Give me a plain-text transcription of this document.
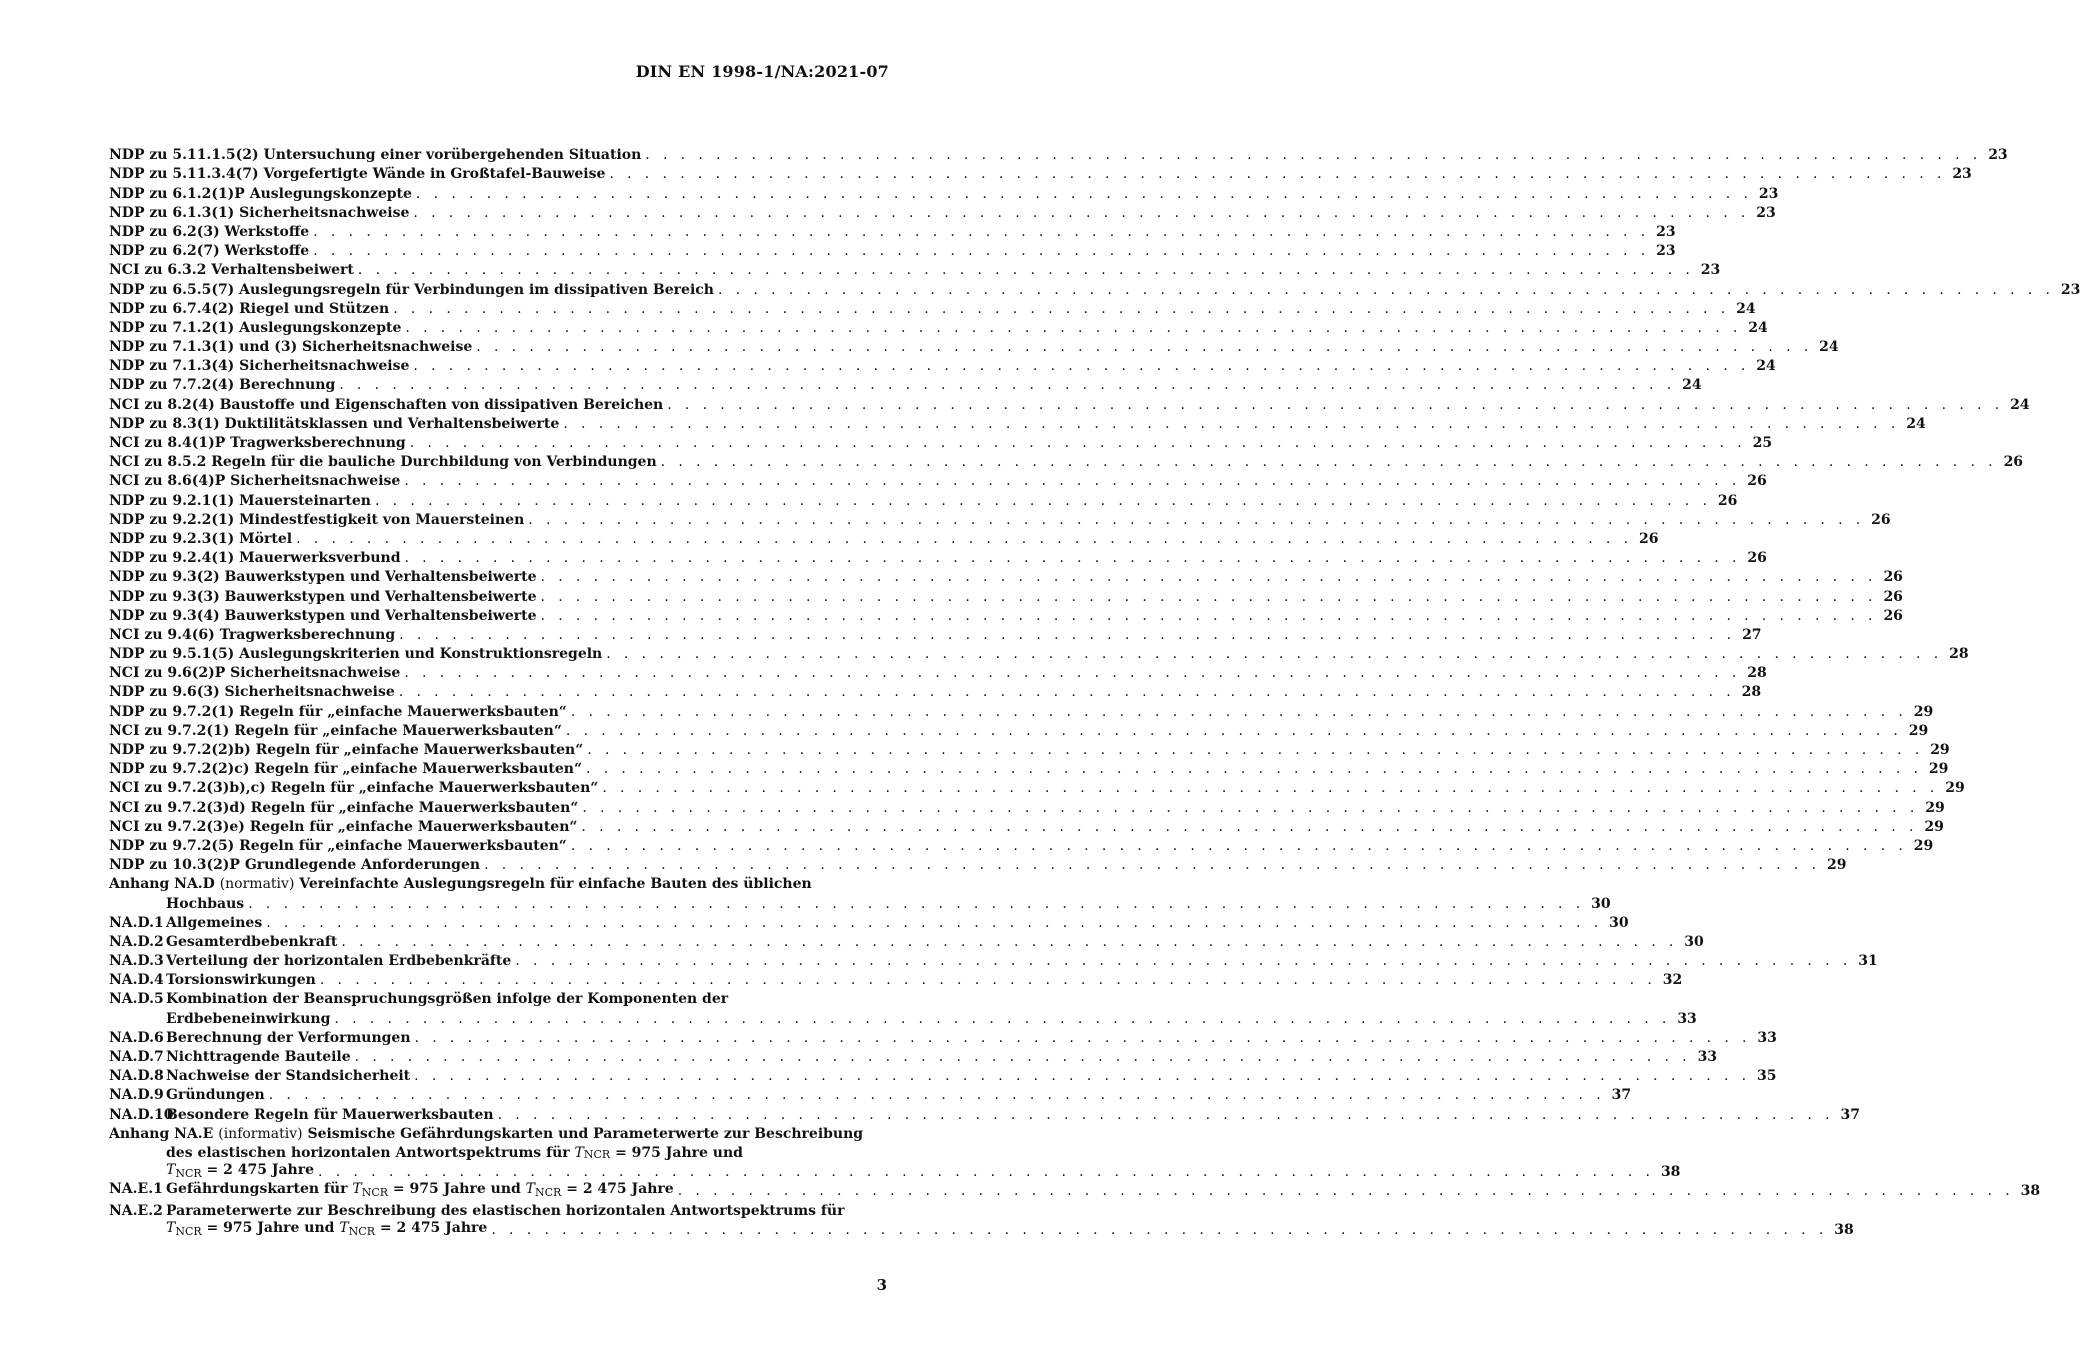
DIN EN 1998-1/NA:2021-07
NDP zu 5.11.1.5(2) Untersuchung einer vorübergehenden Situation . . . . . . . . . . . . . . . . . . . . . . . . . . . . . . . . . . . . . . . . . . . . . . . . . . . . . . . . . . . . . . . . . . . . . . . . . . . . 23
NDP zu 5.11.3.4(7) Vorgefertigte Wände in Großtafel-Bauweise . . . . . . . . . . . . . . . . . . . . . . . . . . . . . . . . . . . . . . . . . . . . . . . . . . . . . . . . . . . . . . . . . . . . . . . . . . . . 23
NDP zu 6.1.2(1)P Auslegungskonzepte . . . . . . . . . . . . . . . . . . . . . . . . . . . . . . . . . . . . . . . . . . . . . . . . . . . . . . . . . . . . . . . . . . . . . . . . . . . . 23
NDP zu 6.1.3(1) Sicherheitsnachweise . . . . . . . . . . . . . . . . . . . . . . . . . . . . . . . . . . . . . . . . . . . . . . . . . . . . . . . . . . . . . . . . . . . . . . . . . . . . 23
NDP zu 6.2(3) Werkstoffe . . . . . . . . . . . . . . . . . . . . . . . . . . . . . . . . . . . . . . . . . . . . . . . . . . . . . . . . . . . . . . . . . . . . . . . . . . . . 23
NDP zu 6.2(7) Werkstoffe . . . . . . . . . . . . . . . . . . . . . . . . . . . . . . . . . . . . . . . . . . . . . . . . . . . . . . . . . . . . . . . . . . . . . . . . . . . . 23
NCI zu 6.3.2 Verhaltensbeiwert . . . . . . . . . . . . . . . . . . . . . . . . . . . . . . . . . . . . . . . . . . . . . . . . . . . . . . . . . . . . . . . . . . . . . . . . . . . . 23
NDP zu 6.5.5(7) Auslegungsregeln für Verbindungen im dissipativen Bereich . . . . . . . . . . . . . . . . . . . . . . . . . . . . . . . . . . . . . . . . . . . . . . . . . . . . . . . . . . . . . . . . . . . . . . . . . . . . 23
NDP zu 6.7.4(2) Riegel und Stützen . . . . . . . . . . . . . . . . . . . . . . . . . . . . . . . . . . . . . . . . . . . . . . . . . . . . . . . . . . . . . . . . . . . . . . . . . . . . 24
NDP zu 7.1.2(1) Auslegungskonzepte . . . . . . . . . . . . . . . . . . . . . . . . . . . . . . . . . . . . . . . . . . . . . . . . . . . . . . . . . . . . . . . . . . . . . . . . . . . . 24
NDP zu 7.1.3(1) und (3) Sicherheitsnachweise . . . . . . . . . . . . . . . . . . . . . . . . . . . . . . . . . . . . . . . . . . . . . . . . . . . . . . . . . . . . . . . . . . . . . . . . . . . . 24
NDP zu 7.1.3(4) Sicherheitsnachweise . . . . . . . . . . . . . . . . . . . . . . . . . . . . . . . . . . . . . . . . . . . . . . . . . . . . . . . . . . . . . . . . . . . . . . . . . . . . 24
NDP zu 7.7.2(4) Berechnung . . . . . . . . . . . . . . . . . . . . . . . . . . . . . . . . . . . . . . . . . . . . . . . . . . . . . . . . . . . . . . . . . . . . . . . . . . . . 24
NCI zu 8.2(4) Baustoffe und Eigenschaften von dissipativen Bereichen . . . . . . . . . . . . . . . . . . . . . . . . . . . . . . . . . . . . . . . . . . . . . . . . . . . . . . . . . . . . . . . . . . . . . . . . . . . . 24
NDP zu 8.3(1) Duktilitätsklassen und Verhaltensbeiwerte . . . . . . . . . . . . . . . . . . . . . . . . . . . . . . . . . . . . . . . . . . . . . . . . . . . . . . . . . . . . . . . . . . . . . . . . . . . . 24
NCI zu 8.4(1)P Tragwerksberechnung . . . . . . . . . . . . . . . . . . . . . . . . . . . . . . . . . . . . . . . . . . . . . . . . . . . . . . . . . . . . . . . . . . . . . . . . . . . . 25
NCI zu 8.5.2 Regeln für die bauliche Durchbildung von Verbindungen . . . . . . . . . . . . . . . . . . . . . . . . . . . . . . . . . . . . . . . . . . . . . . . . . . . . . . . . . . . . . . . . . . . . . . . . . . . . 26
NCI zu 8.6(4)P Sicherheitsnachweise . . . . . . . . . . . . . . . . . . . . . . . . . . . . . . . . . . . . . . . . . . . . . . . . . . . . . . . . . . . . . . . . . . . . . . . . . . . . 26
NDP zu 9.2.1(1) Mauersteinarten . . . . . . . . . . . . . . . . . . . . . . . . . . . . . . . . . . . . . . . . . . . . . . . . . . . . . . . . . . . . . . . . . . . . . . . . . . . . 26
NDP zu 9.2.2(1) Mindestfestigkeit von Mauersteinen . . . . . . . . . . . . . . . . . . . . . . . . . . . . . . . . . . . . . . . . . . . . . . . . . . . . . . . . . . . . . . . . . . . . . . . . . . . . 26
NDP zu 9.2.3(1) Mörtel . . . . . . . . . . . . . . . . . . . . . . . . . . . . . . . . . . . . . . . . . . . . . . . . . . . . . . . . . . . . . . . . . . . . . . . . . . . . 26
NDP zu 9.2.4(1) Mauerwerksverbund . . . . . . . . . . . . . . . . . . . . . . . . . . . . . . . . . . . . . . . . . . . . . . . . . . . . . . . . . . . . . . . . . . . . . . . . . . . . 26
NDP zu 9.3(2) Bauwerkstypen und Verhaltensbeiwerte . . . . . . . . . . . . . . . . . . . . . . . . . . . . . . . . . . . . . . . . . . . . . . . . . . . . . . . . . . . . . . . . . . . . . . . . . . . . 26
NDP zu 9.3(3) Bauwerkstypen und Verhaltensbeiwerte . . . . . . . . . . . . . . . . . . . . . . . . . . . . . . . . . . . . . . . . . . . . . . . . . . . . . . . . . . . . . . . . . . . . . . . . . . . . 26
NDP zu 9.3(4) Bauwerkstypen und Verhaltensbeiwerte . . . . . . . . . . . . . . . . . . . . . . . . . . . . . . . . . . . . . . . . . . . . . . . . . . . . . . . . . . . . . . . . . . . . . . . . . . . . 26
NCI zu 9.4(6) Tragwerksberechnung . . . . . . . . . . . . . . . . . . . . . . . . . . . . . . . . . . . . . . . . . . . . . . . . . . . . . . . . . . . . . . . . . . . . . . . . . . . . 27
NDP zu 9.5.1(5) Auslegungskriterien und Konstruktionsregeln . . . . . . . . . . . . . . . . . . . . . . . . . . . . . . . . . . . . . . . . . . . . . . . . . . . . . . . . . . . . . . . . . . . . . . . . . . . . 28
NCI zu 9.6(2)P Sicherheitsnachweise . . . . . . . . . . . . . . . . . . . . . . . . . . . . . . . . . . . . . . . . . . . . . . . . . . . . . . . . . . . . . . . . . . . . . . . . . . . . 28
NDP zu 9.6(3) Sicherheitsnachweise . . . . . . . . . . . . . . . . . . . . . . . . . . . . . . . . . . . . . . . . . . . . . . . . . . . . . . . . . . . . . . . . . . . . . . . . . . . . 28
NDP zu 9.7.2(1) Regeln für „einfache Mauerwerksbauten“ . . . . . . . . . . . . . . . . . . . . . . . . . . . . . . . . . . . . . . . . . . . . . . . . . . . . . . . . . . . . . . . . . . . . . . . . . . . . 29
NCI zu 9.7.2(1) Regeln für „einfache Mauerwerksbauten“ . . . . . . . . . . . . . . . . . . . . . . . . . . . . . . . . . . . . . . . . . . . . . . . . . . . . . . . . . . . . . . . . . . . . . . . . . . . . 29
NDP zu 9.7.2(2)b) Regeln für „einfache Mauerwerksbauten“ . . . . . . . . . . . . . . . . . . . . . . . . . . . . . . . . . . . . . . . . . . . . . . . . . . . . . . . . . . . . . . . . . . . . . . . . . . . . 29
NDP zu 9.7.2(2)c) Regeln für „einfache Mauerwerksbauten“ . . . . . . . . . . . . . . . . . . . . . . . . . . . . . . . . . . . . . . . . . . . . . . . . . . . . . . . . . . . . . . . . . . . . . . . . . . . . 29
NCI zu 9.7.2(3)b),c) Regeln für „einfache Mauerwerksbauten“ . . . . . . . . . . . . . . . . . . . . . . . . . . . . . . . . . . . . . . . . . . . . . . . . . . . . . . . . . . . . . . . . . . . . . . . . . . . . 29
NCI zu 9.7.2(3)d) Regeln für „einfache Mauerwerksbauten“ . . . . . . . . . . . . . . . . . . . . . . . . . . . . . . . . . . . . . . . . . . . . . . . . . . . . . . . . . . . . . . . . . . . . . . . . . . . . 29
NCI zu 9.7.2(3)e) Regeln für „einfache Mauerwerksbauten“ . . . . . . . . . . . . . . . . . . . . . . . . . . . . . . . . . . . . . . . . . . . . . . . . . . . . . . . . . . . . . . . . . . . . . . . . . . . . 29
NDP zu 9.7.2(5) Regeln für „einfache Mauerwerksbauten“ . . . . . . . . . . . . . . . . . . . . . . . . . . . . . . . . . . . . . . . . . . . . . . . . . . . . . . . . . . . . . . . . . . . . . . . . . . . . 29
NDP zu 10.3(2)P Grundlegende Anforderungen . . . . . . . . . . . . . . . . . . . . . . . . . . . . . . . . . . . . . . . . . . . . . . . . . . . . . . . . . . . . . . . . . . . . . . . . . . . . 29
Anhang
NA.D
(normativ)
Vereinfachte Auslegungsregeln für einfache Bauten des üblichen
Hochbaus . . . . . . . . . . . . . . . . . . . . . . . . . . . . . . . . . . . . . . . . . . . . . . . . . . . . . . . . . . . . . . . . . . . . . . . . . . . . 30
NA.D.1 Allgemeines . . . . . . . . . . . . . . . . . . . . . . . . . . . . . . . . . . . . . . . . . . . . . . . . . . . . . . . . . . . . . . . . . . . . . . . . . . . . 30
NA.D.2 Gesamterdbebenkraft . . . . . . . . . . . . . . . . . . . . . . . . . . . . . . . . . . . . . . . . . . . . . . . . . . . . . . . . . . . . . . . . . . . . . . . . . . . . 30
NA.D.3 Verteilung der horizontalen Erdbebenkräfte . . . . . . . . . . . . . . . . . . . . . . . . . . . . . . . . . . . . . . . . . . . . . . . . . . . . . . . . . . . . . . . . . . . . . . . . . . . . 31
NA.D.4 Torsionswirkungen . . . . . . . . . . . . . . . . . . . . . . . . . . . . . . . . . . . . . . . . . . . . . . . . . . . . . . . . . . . . . . . . . . . . . . . . . . . . 32
NA.D.5 Kombination der Beanspruchungsgrößen infolge der Komponenten der
Erdbebeneinwirkung . . . . . . . . . . . . . . . . . . . . . . . . . . . . . . . . . . . . . . . . . . . . . . . . . . . . . . . . . . . . . . . . . . . . . . . . . . . . 33
NA.D.6 Berechnung der Verformungen . . . . . . . . . . . . . . . . . . . . . . . . . . . . . . . . . . . . . . . . . . . . . . . . . . . . . . . . . . . . . . . . . . . . . . . . . . . . 33
NA.D.7 Nichttragende Bauteile . . . . . . . . . . . . . . . . . . . . . . . . . . . . . . . . . . . . . . . . . . . . . . . . . . . . . . . . . . . . . . . . . . . . . . . . . . . . 33
NA.D.8 Nachweise der Standsicherheit . . . . . . . . . . . . . . . . . . . . . . . . . . . . . . . . . . . . . . . . . . . . . . . . . . . . . . . . . . . . . . . . . . . . . . . . . . . . 35
NA.D.9 Gründungen . . . . . . . . . . . . . . . . . . . . . . . . . . . . . . . . . . . . . . . . . . . . . . . . . . . . . . . . . . . . . . . . . . . . . . . . . . . . 37
NA.D.10Besondere Regeln für Mauerwerksbauten . . . . . . . . . . . . . . . . . . . . . . . . . . . . . . . . . . . . . . . . . . . . . . . . . . . . . . . . . . . . . . . . . . . . . . . . . . . . 37
Anhang
NA.E
(informativ)
Seismische Gefährdungskarten und Parameterwerte zur Beschreibung
des elastischen horizontalen Antwortspektrums für
T NCR
= 975 Jahre und
$T_{NCR} = 2$ 475 Jahre . . . . . . . . . . . . . . . . . . . . . . . . . . . . . . . . . . . . . . . . . . . . . . . . . . . . . . . . . . . . . . . . . . . . . . . . . . . . 38
NA.E.1 Gefährdungskarten für $T_{NCR} = 975$ Jahre und $T_{NCR} = 2$ 475 Jahre . . . . . . . . . . . . . . . . . . . . . . . . . . . . . . . . . . . . . . . . . . . . . . . . . . . . . . . . . . . . . . . . . . . . . . . . . . . . 38
NA.E.2 Parameterwerte zur Beschreibung des elastischen horizontalen Antwortspektrums für
$T_{NCR} = 975$ Jahre und $T_{NCR} = 2$ 475 Jahre . . . . . . . . . . . . . . . . . . . . . . . . . . . . . . . . . . . . . . . . . . . . . . . . . . . . . . . . . . . . . . . . . . . . . . . . . . . . 38
3
